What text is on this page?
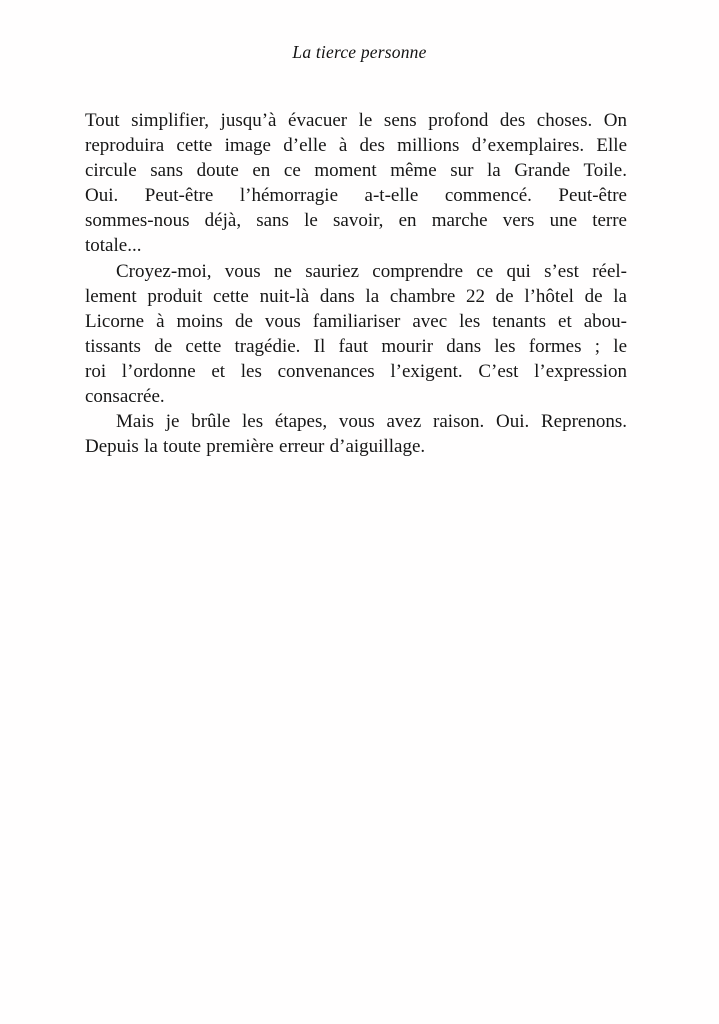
La tierce personne
Tout simplifier, jusqu’à évacuer le sens profond des choses. On
reproduira cette image d’elle à des millions d’exemplaires. Elle
circule sans doute en ce moment même sur la Grande Toile.
Oui. Peut-être l’hémorragie a-t-elle commencé. Peut-être
sommes-nous déjà, sans le savoir, en marche vers une terre
totale...
Croyez-moi, vous ne sauriez comprendre ce qui s’est réel-
lement produit cette nuit-là dans la chambre 22 de l’hôtel de la
Licorne à moins de vous familiariser avec les tenants et abou-
tissants de cette tragédie. Il faut mourir dans les formes ; le
roi l’ordonne et les convenances l’exigent. C’est l’expression
consacrée.
Mais je brûle les étapes, vous avez raison. Oui. Reprenons.
Depuis la toute première erreur d’aiguillage.
